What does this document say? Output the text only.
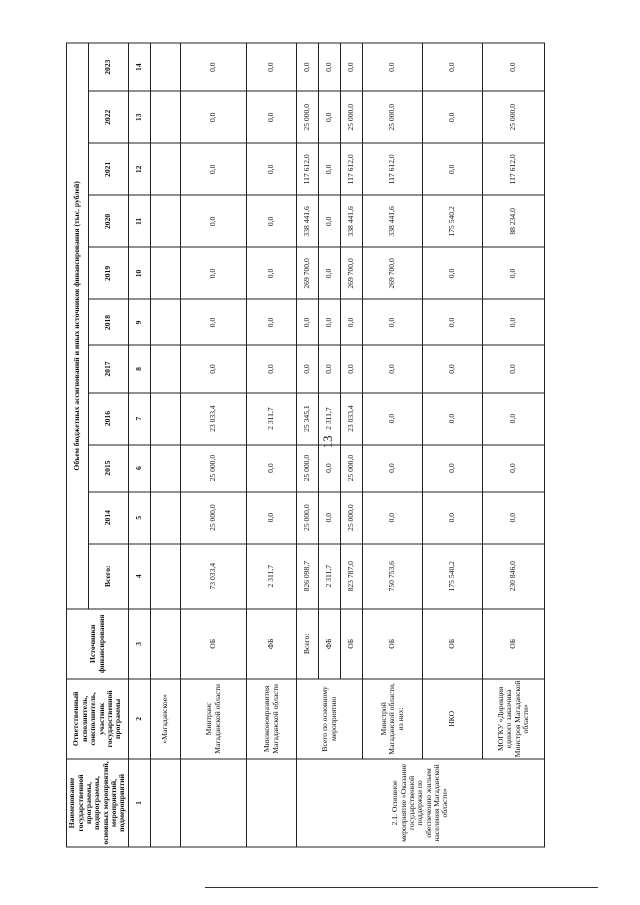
13
Наименование государственной программы, подпрограммы, основных мероприятий, мероприятий, подмероприятий	Ответственный исполнитель, соисполнитель, участник государственной программы	Источники финансирования	Объем бюджетных ассигнований и иных источников финансирования (тыс. рублей)										
			Всего:	2014	2015	2016	2017	2018	2019	2020	2021	2022	2023
1	2	3	4	5	6	7	8	9	10	11	12	13	14
	«Магаданское»												
	Минтранс Магаданской области	ОБ	73 033,4	25 000,0	25 000,0	23 033,4	0,0	0,0	0,0	0,0	0,0	0,0	0,0
	Минэкономразвития Магаданской области	ФБ	2 311,7	0,0	0,0	2 311,7	0,0	0,0	0,0	0,0	0,0	0,0	0,0
2.1. Основное мероприятие «Оказание государственной поддержки по обеспечению жильем населения Магаданской области»	Всего по основному мероприятию	Всего:	826 098,7	25 000,0	25 000,0	25 345,1	0,0	0,0	269 700,0	338 441,6	117 612,0	25 000,0	0,0
		ФБ	2 311,7	0,0	0,0	2 311,7	0,0	0,0	0,0	0,0	0,0	0,0	0,0
		ОБ	823 787,0	25 000,0	25 000,0	23 033,4	0,0	0,0	269 700,0	338 441,6	117 612,0	25 000,0	0,0
	Минстрой Магаданской области, из них:	ОБ	750 753,6	0,0	0,0	0,0	0,0	0,0	269 700,0	338 441,6	117 612,0	25 000,0	0,0
	НКО	ОБ	175 540,2	0,0	0,0	0,0	0,0	0,0	0,0	175 540,2	0,0	0,0	0,0
	МОГКУ «Дирекция единого заказчика Минстроя Магаданской области»	ОБ	230 846,0	0,0	0,0	0,0	0,0	0,0	0,0	88 234,0	117 612,0	25 000,0	0,0
